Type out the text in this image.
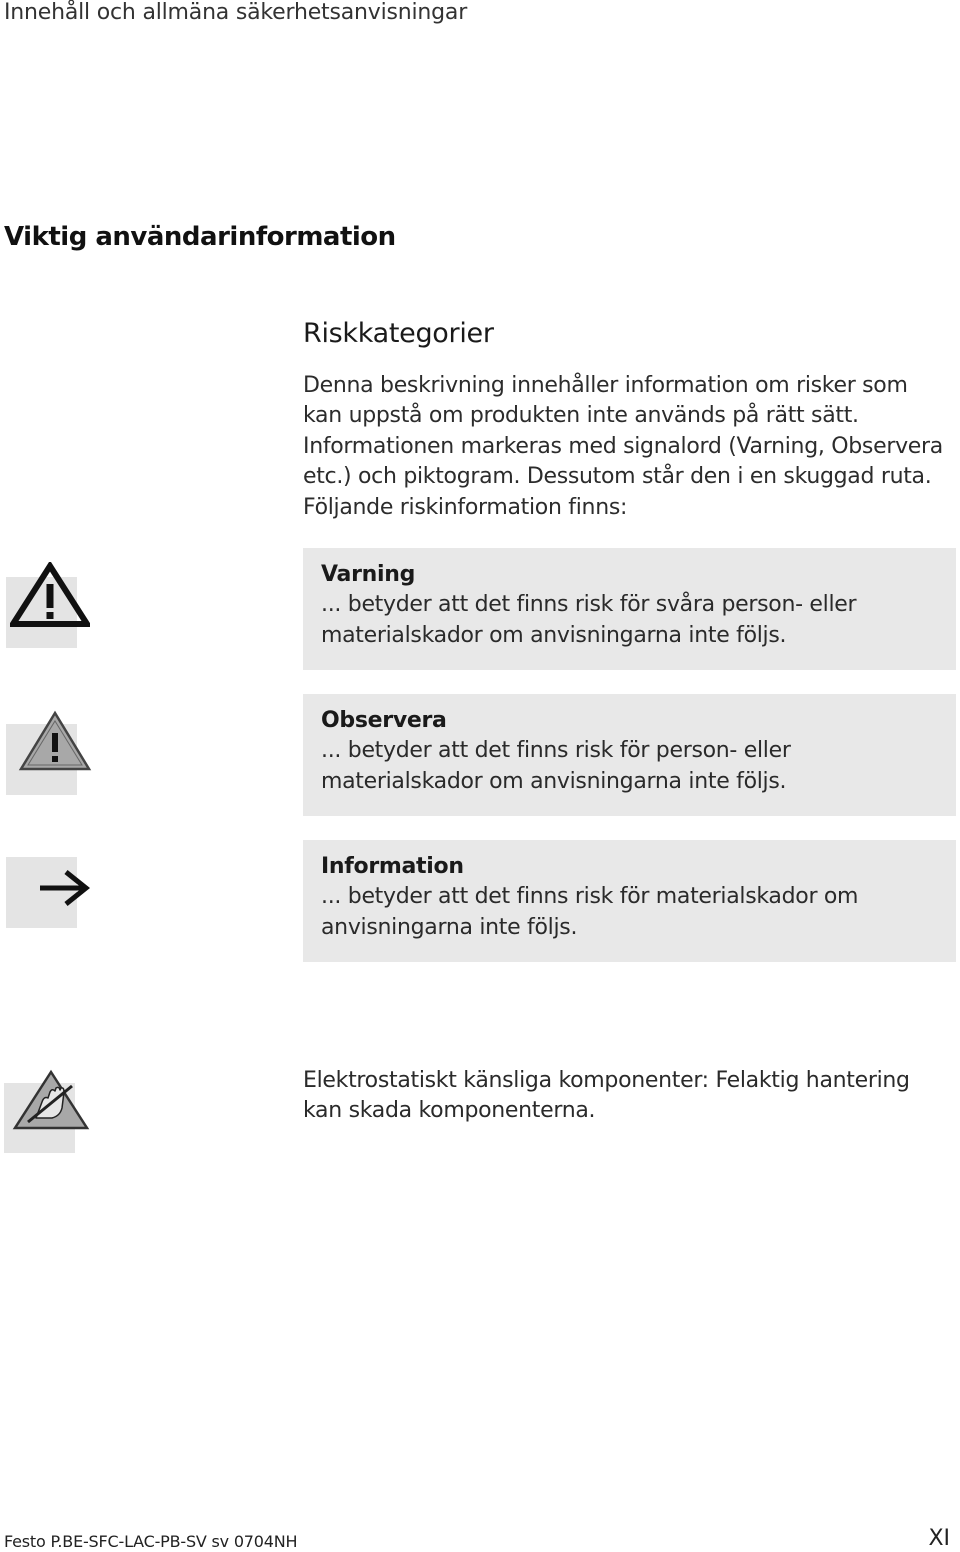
Innehåll och allmäna säkerhetsanvisningar
Viktig användarinformation
Riskkategorier

Denna beskrivning innehåller information om risker som kan uppstå om produkten inte används på rätt sätt. Informationen markeras med signalord (Varning, Observera etc.) och piktogram. Dessutom står den i en skuggad ruta. Följande riskinformation finns:

Varning
... betyder att det finns risk för svåra person- eller materialskador om anvisningarna inte följs.
Observera
... betyder att det finns risk för person- eller materialskador om anvisningarna inte följs.
Information
... betyder att det finns risk för materialskador om anvisningarna inte följs.

Elektrostatiskt känsliga komponenter: Felaktig hantering kan skada komponenterna.

Festo P.BE-SFC-LAC-PB-SV sv 0704NH	XI
